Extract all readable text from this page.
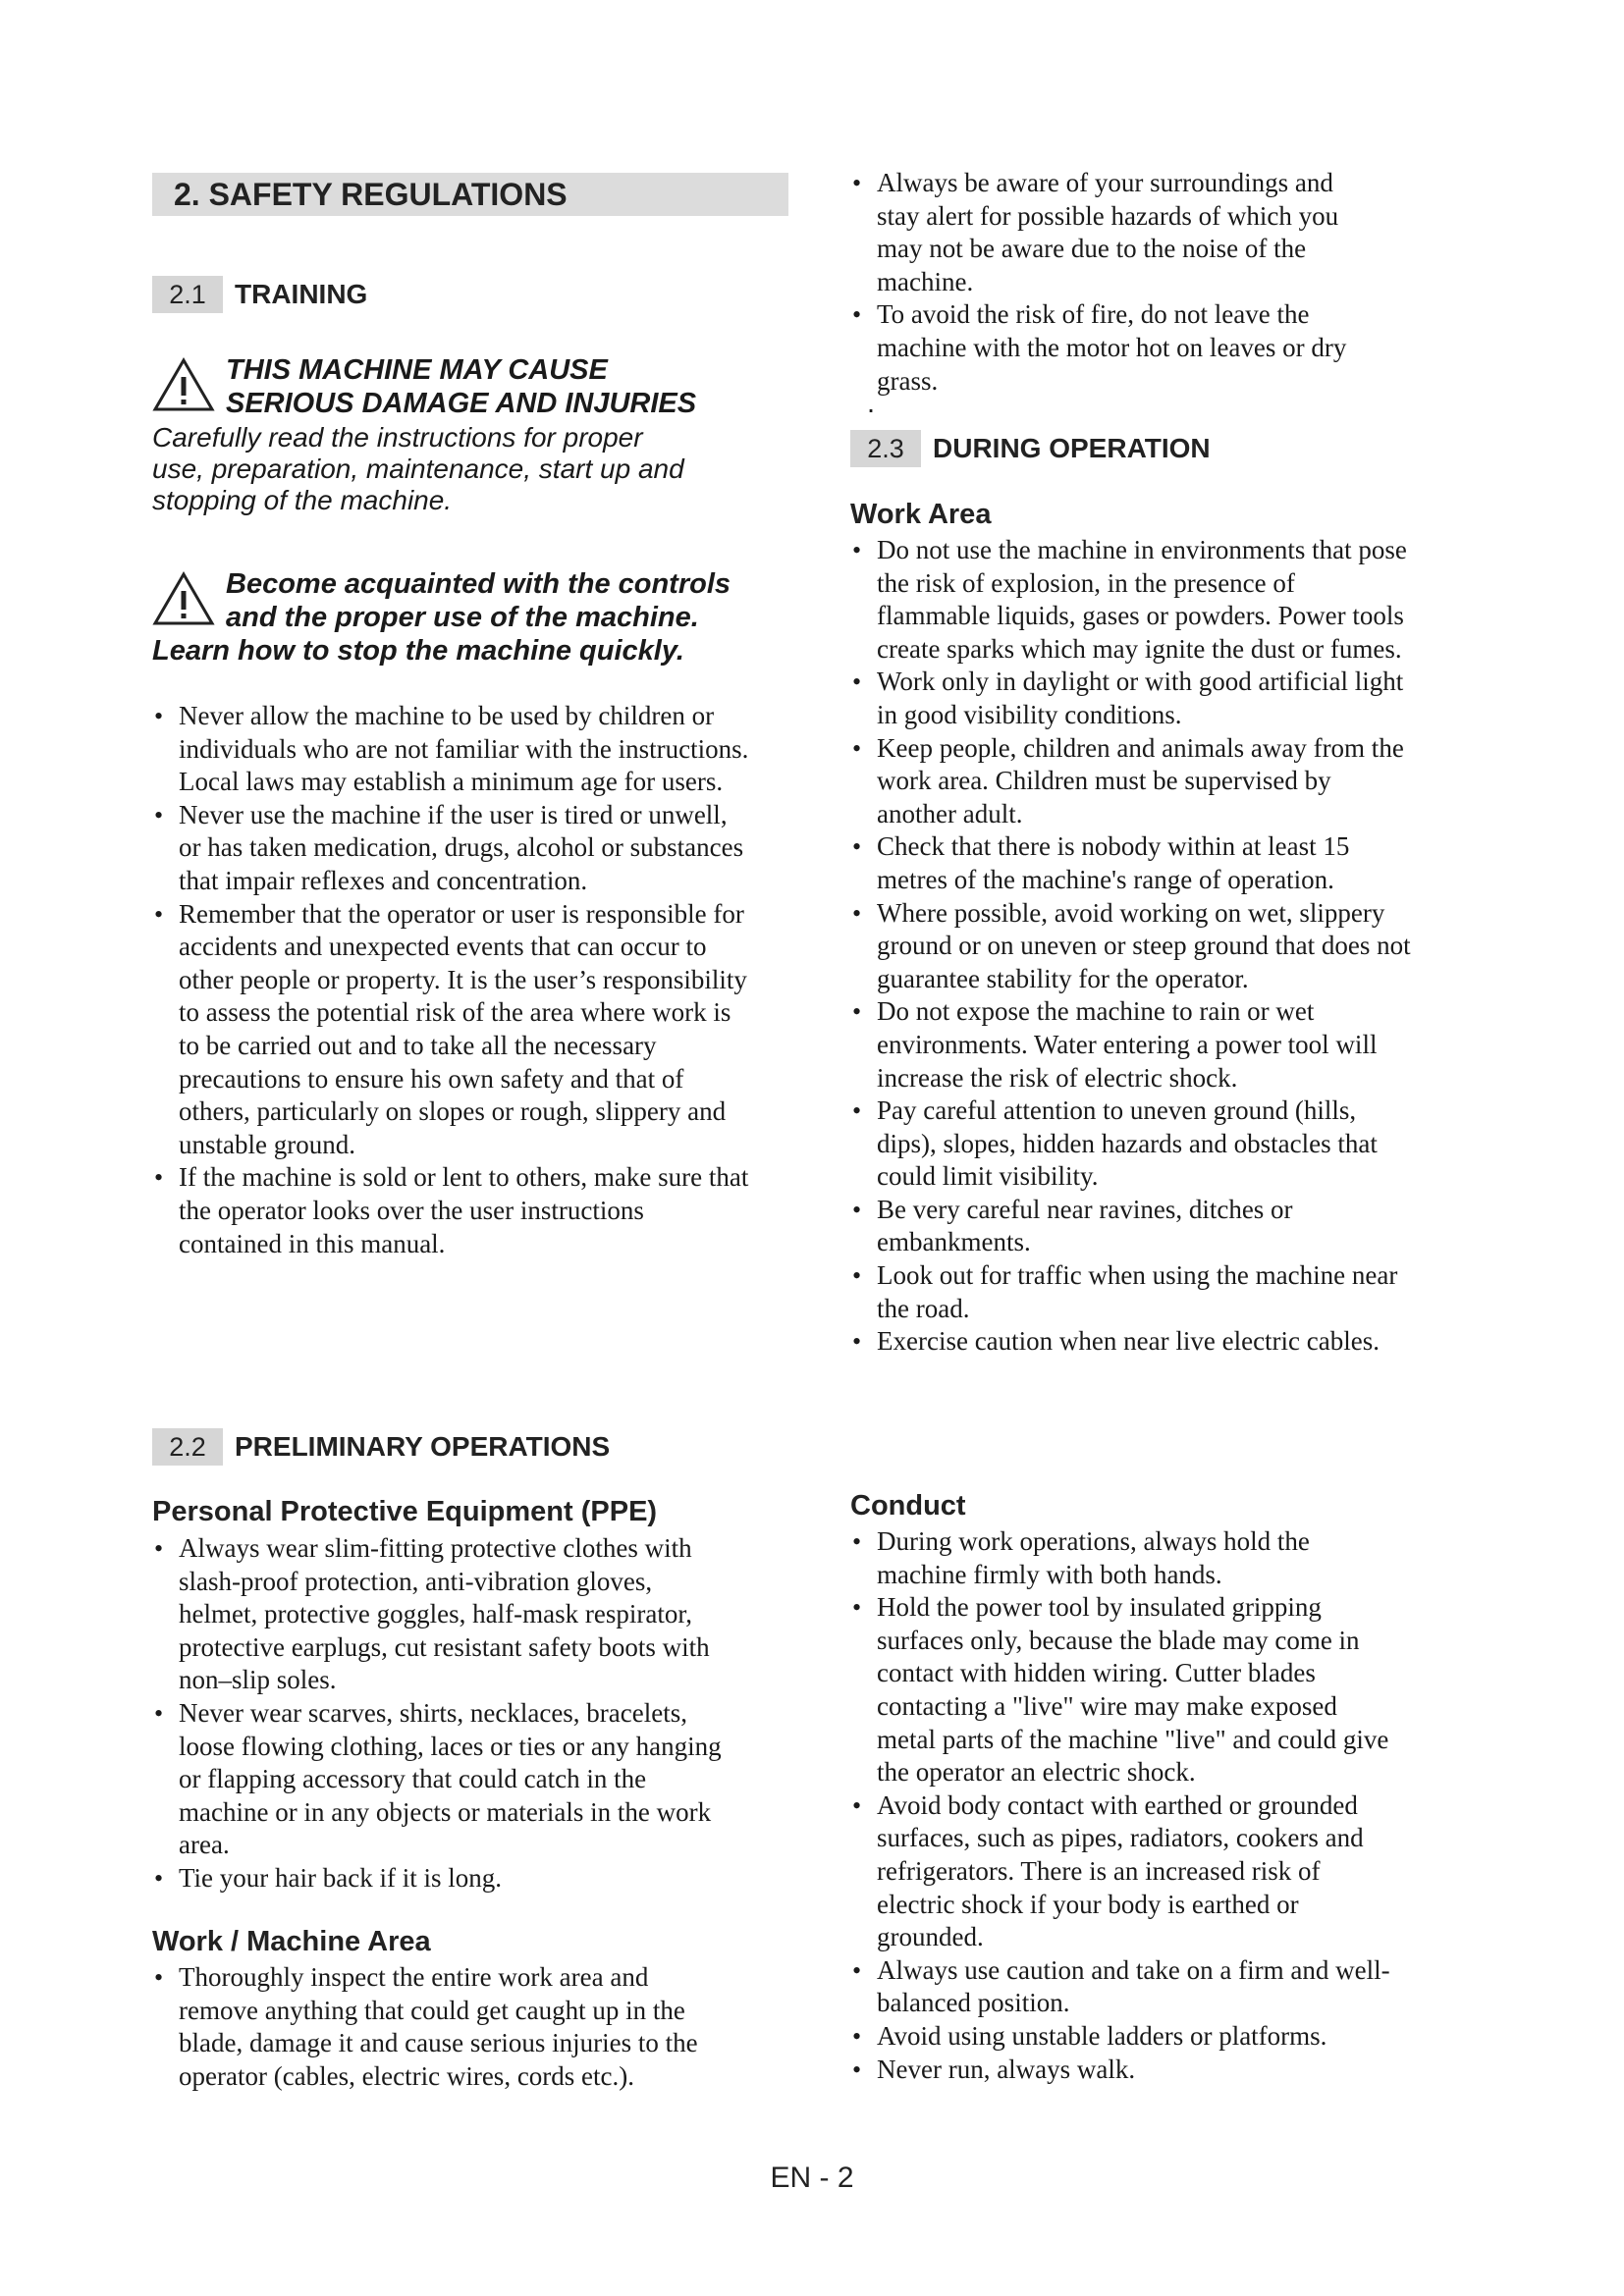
2. SAFETY REGULATIONS
2.1	TRAINING
THIS MACHINE MAY CAUSE
SERIOUS DAMAGE AND INJURIES	.
Carefully read the instructions for proper use, preparation, maintenance, start up and stopping of the machine.
Become acquainted with the controls
and the proper use of the machine.
Learn how to stop the machine quickly.
• Never allow the machine to be used by children or individuals who are not familiar with the instructions. Local laws may establish a minimum age for users.
• Never use the machine if the user is tired or unwell, or has taken medication, drugs, alcohol or substances that impair reflexes and concentration.
• Remember that the operator or user is responsible for accidents and unexpected events that can occur to other people or property. It is the user’s responsibility to assess the potential risk of the area where work is to be carried out and to take all the necessary precautions to ensure his own safety and that of others, particularly on slopes or rough, slippery and unstable ground.
• If the machine is sold or lent to others, make sure that the operator looks over the user instructions contained in this manual.
2.2	PRELIMINARY OPERATIONS
Personal Protective Equipment (PPE)
• Always wear slim-fitting protective clothes with slash-proof protection, anti-vibration gloves, helmet, protective goggles, half-mask respirator, protective earplugs, cut resistant safety boots with non–slip soles.
• Never wear scarves, shirts, necklaces, bracelets, loose flowing clothing, laces or ties or any hanging or flapping accessory that could catch in the machine or in any objects or materials in the work area.
• Tie your hair back if it is long.
Work / Machine Area
• Thoroughly inspect the entire work area and remove anything that could get caught up in the blade, damage it and cause serious injuries to the operator (cables, electric wires, cords etc.).
• Always be aware of your surroundings and stay alert for possible hazards of which you may not be aware due to the noise of the machine.
• To avoid the risk of fire, do not leave the machine with the motor hot on leaves or dry grass.
2.3	DURING OPERATION
Work Area
• Do not use the machine in environments that pose the risk of explosion, in the presence of flammable liquids, gases or powders. Power tools create sparks which may ignite the dust or fumes.
• Work only in daylight or with good artificial light in good visibility conditions.
• Keep people, children and animals away from the work area. Children must be supervised by another adult.
• Check that there is nobody within at least 15 metres of the machine's range of operation.
• Where possible, avoid working on wet, slippery ground or on uneven or steep ground that does not guarantee stability for the operator.
• Do not expose the machine to rain or wet environments. Water entering a power tool will increase the risk of electric shock.
• Pay careful attention to uneven ground (hills, dips), slopes, hidden hazards and obstacles that could limit visibility.
• Be very careful near ravines, ditches or embankments.
• Look out for traffic when using the machine near the road.
• Exercise caution when near live electric cables.
Conduct
• During work operations, always hold the machine firmly with both hands.
• Hold the power tool by insulated gripping surfaces only, because the blade may come in contact with hidden wiring. Cutter blades contacting a "live" wire may make exposed metal parts of the machine "live" and could give the operator an electric shock.
• Avoid body contact with earthed or grounded surfaces, such as pipes, radiators, cookers and refrigerators. There is an increased risk of electric shock if your body is earthed or grounded.
• Always use caution and take on a firm and well-balanced position.
• Avoid using unstable ladders or platforms.
• Never run, always walk.
EN - 2
